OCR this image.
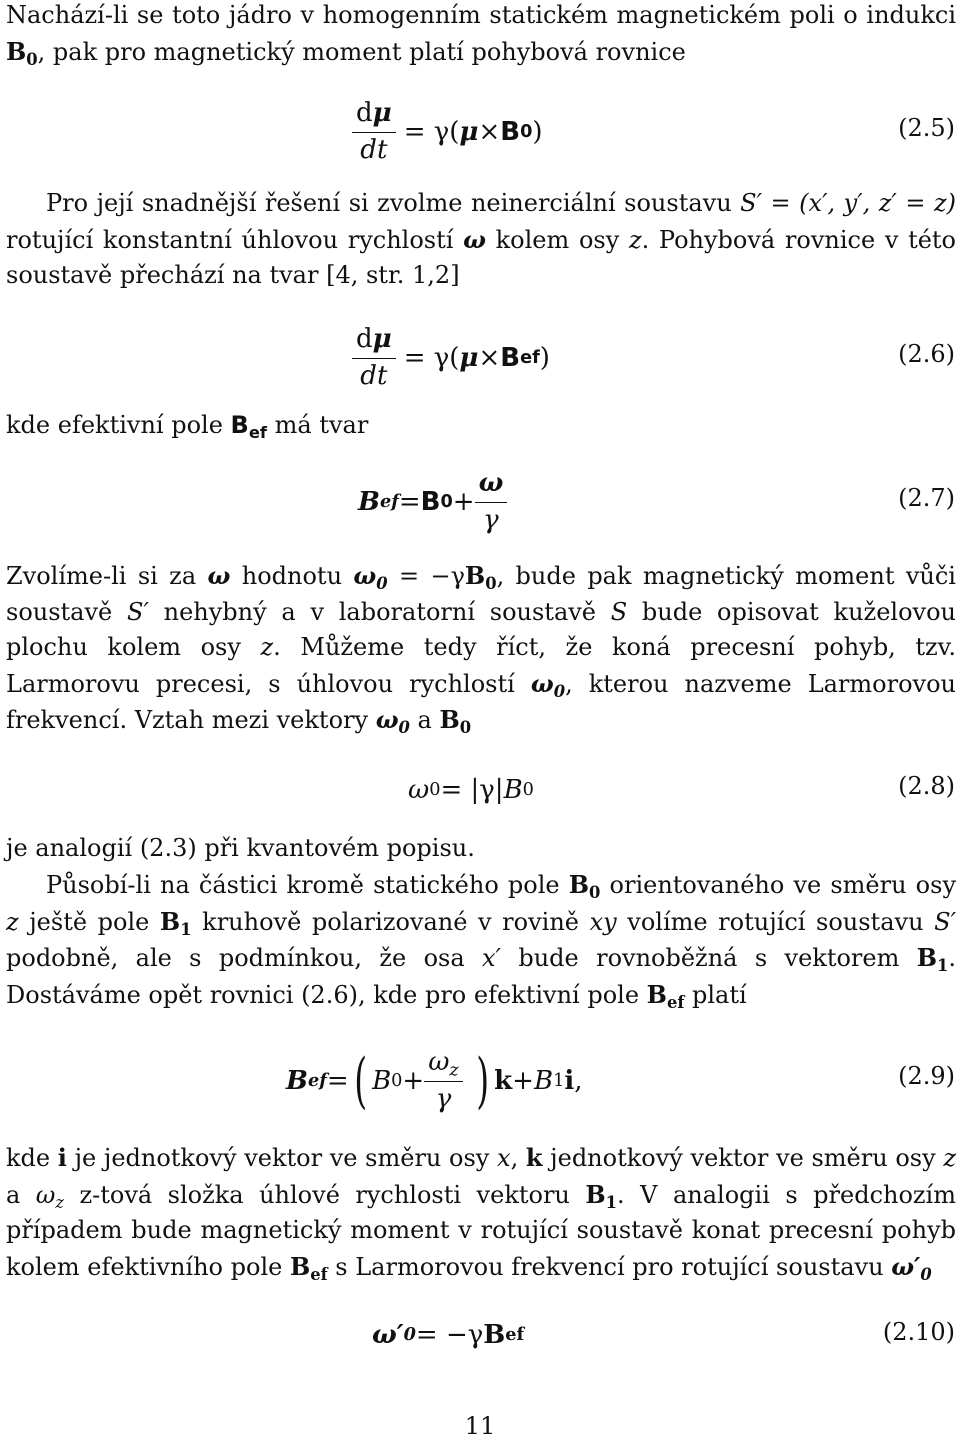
Nachází-li se toto jádro v homogenním statickém magnetickém poli o indukci $B_0$, pak pro magnetický moment platí pohybová rovnice

$\frac{d\mu}{dt} = \gamma$( μ × B 0 )	(2.5)

Pro její snadnější řešení si zvolme neinerciální soustavu S′ = (x′, y′, z′ = z) rotující konstantní úhlovou rychlostí ω kolem osy z. Pohybová rovnice v této soustavě přechází na tvar [4, str. 1,2]

$\frac{d\mu}{dt} = \gamma$( μ × B ef )	(2.6)
kde efektivní pole $B_{ef}$ má tvar
B ef = B $0 + \frac{\omega}{\gamma}$	(2.7)

Zvolíme-li si za ω hodnotu $\omega_0 = -\gamma B_0$, bude pak magnetický moment vůči soustavě S′ nehybný a v laboratorní soustavě S bude opisovat kuželovou plochu kolem osy z. Můžeme tedy říct, že koná precesní pohyb, tzv. Larmorovu precesi, s úhlovou rychlostí $\omega_0$, kterou nazveme Larmorovou frekvencí. Vztah mezi vektory $\omega_0$ a $B_0$

ω 0 = |γ| B 0	(2.8)

je analogií (2.3) při kvantovém popisu.

Působí-li na částici kromě statického pole $B_0$ orientovaného ve směru osy z ještě pole $B_1$ kruhově polarizované v rovině xy volíme rotující soustavu S′ podobně, ale s podmínkou, že osa x′ bude rovnoběžná s vektorem $B_1$. Dostáváme opět rovnici (2.6), kde pro efektivní pole $B_{ef}$ platí

B ef = ( B $0 + \frac{\omega_z}{\gamma}$ ) k + B 1 i ,	(2.9)

kde i je jednotkový vektor ve směru osy x, k jednotkový vektor ve směru osy z a $\omega_z$ z-tová složka úhlové rychlosti vektoru $B_1$. V analogii s předchozím případem bude magnetický moment v rotující soustavě konat precesní pohyb kolem efektivního pole $B_{ef}$ s Larmorovou frekvencí pro rotující soustavu $\omega'_0$

ω′ 0 = −γ B ef	(2.10)
11
